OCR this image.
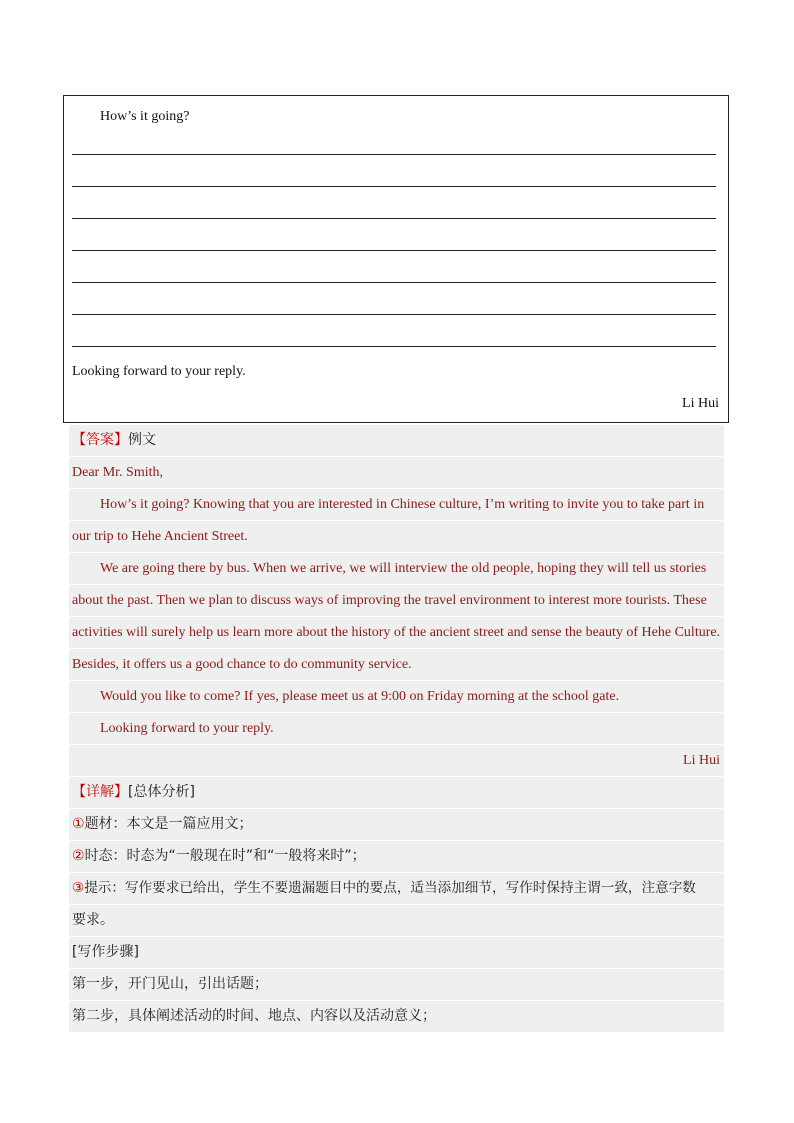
How’s it going?
Looking forward to your reply.
Li Hui
【答案】例文
Dear Mr. Smith,
How’s it going? Knowing that you are interested in Chinese culture, I’m writing to invite you to take part in
our trip to Hehe Ancient Street.
We are going there by bus. When we arrive, we will interview the old people, hoping they will tell us stories
about the past. Then we plan to discuss ways of improving the travel environment to interest more tourists. These
activities will surely help us learn more about the history of the ancient street and sense the beauty of Hehe Culture.
Besides, it offers us a good chance to do community service.
Would you like to come? If yes, please meet us at 9:00 on Friday morning at the school gate.
Looking forward to your reply.
Li Hui
【详解】[总体分析]
①题材：本文是一篇应用文；
②时态：时态为“一般现在时”和“一般将来时”；
③提示：写作要求已给出，学生不要遗漏题目中的要点，适当添加细节，写作时保持主谓一致，注意字数
要求。
[写作步骤]
第一步，开门见山，引出话题；
第二步，具体阐述活动的时间、地点、内容以及活动意义；
